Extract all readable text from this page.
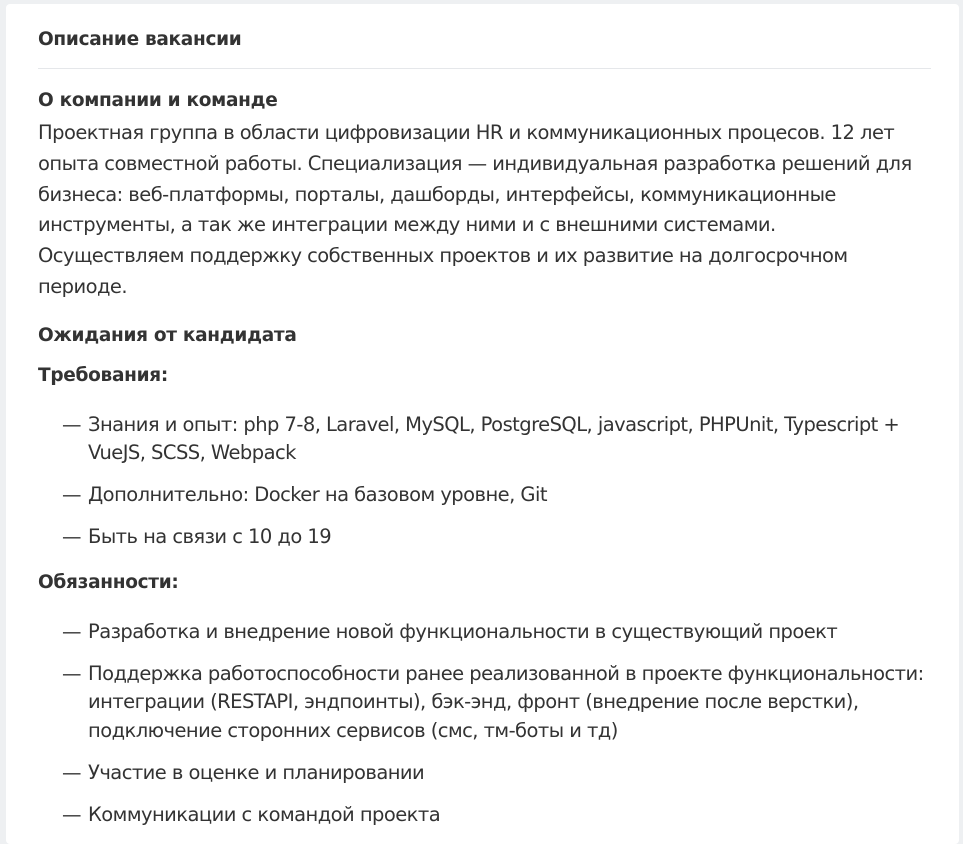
Описание вакансии
О компании и команде

Проектная группа в области цифровизации HR и коммуникационных процесов. 12 лет опыта совместной работы. Специализация — индивидуальная разработка решений для бизнеса: веб-платформы, порталы, дашборды, интерфейсы, коммуникационные инструменты, а так же интеграции между ними и с внешними системами. Осуществляем поддержку собственных проектов и их развитие на долгосрочном периоде.

Ожидания от кандидата
Требования:
— Знания и опыт: php 7-8, Laravel, MySQL, PostgreSQL, javascript, PHPUnit, Typescript + VueJS, SCSS, Webpack
— Дополнительно: Docker на базовом уровне, Git
— Быть на связи с 10 до 19
Обязанности:
— Разработка и внедрение новой функциональности в существующий проект
— Поддержка работоспособности ранее реализованной в проекте функциональности: интеграции (RESTAPI, эндпоинты), бэк-энд, фронт (внедрение после верстки), подключение сторонних сервисов (смс, тм-боты и тд)
— Участие в оценке и планировании
— Коммуникации с командой проекта
